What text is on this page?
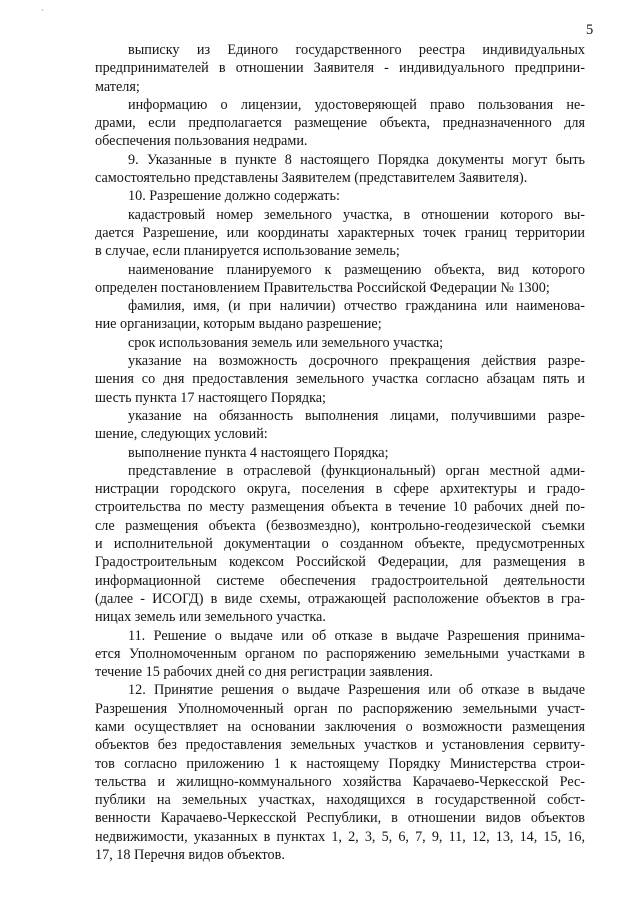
`
5
выписку из Единого государственного реестра индивидуальных
предпринимателей в отношении Заявителя - индивидуального предприни-
мателя;
информацию о лицензии, удостоверяющей право пользования не-
драми, если предполагается размещение объекта, предназначенного для
обеспечения пользования недрами.
9. Указанные в пункте 8 настоящего Порядка документы могут быть
самостоятельно представлены Заявителем (представителем Заявителя).
10. Разрешение должно содержать:
кадастровый номер земельного участка, в отношении которого вы-
дается Разрешение, или координаты характерных точек границ территории
в случае, если планируется использование земель;
наименование планируемого к размещению объекта, вид которого
определен постановлением Правительства Российской Федерации № 1300;
фамилия, имя, (и при наличии) отчество гражданина или наименова-
ние организации, которым выдано разрешение;
срок использования земель или земельного участка;
указание на возможность досрочного прекращения действия разре-
шения со дня предоставления земельного участка согласно абзацам пять и
шесть пункта 17 настоящего Порядка;
указание на обязанность выполнения лицами, получившими разре-
шение, следующих условий:
выполнение пункта 4 настоящего Порядка;
представление в отраслевой (функциональный) орган местной адми-
нистрации городского округа, поселения в сфере архитектуры и градо-
строительства по месту размещения объекта в течение 10 рабочих дней по-
сле размещения объекта (безвозмездно), контрольно-геодезической съемки
и исполнительной документации о созданном объекте, предусмотренных
Градостроительным кодексом Российской Федерации, для размещения в
информационной системе обеспечения градостроительной деятельности
(далее - ИСОГД) в виде схемы, отражающей расположение объектов в гра-
ницах земель или земельного участка.
11. Решение о выдаче или об отказе в выдаче Разрешения принима-
ется Уполномоченным органом по распоряжению земельными участками в
течение 15 рабочих дней со дня регистрации заявления.
12. Принятие решения о выдаче Разрешения или об отказе в выдаче
Разрешения Уполномоченный орган по распоряжению земельными участ-
ками осуществляет на основании заключения о возможности размещения
объектов без предоставления земельных участков и установления сервиту-
тов согласно приложению 1 к настоящему Порядку Министерства строи-
тельства и жилищно-коммунального хозяйства Карачаево-Черкесской Рес-
публики на земельных участках, находящихся в государственной собст-
венности Карачаево-Черкесской Республики, в отношении видов объектов
недвижимости, указанных в пунктах 1, 2, 3, 5, 6, 7, 9, 11, 12, 13, 14, 15, 16,
17, 18 Перечня видов объектов.
